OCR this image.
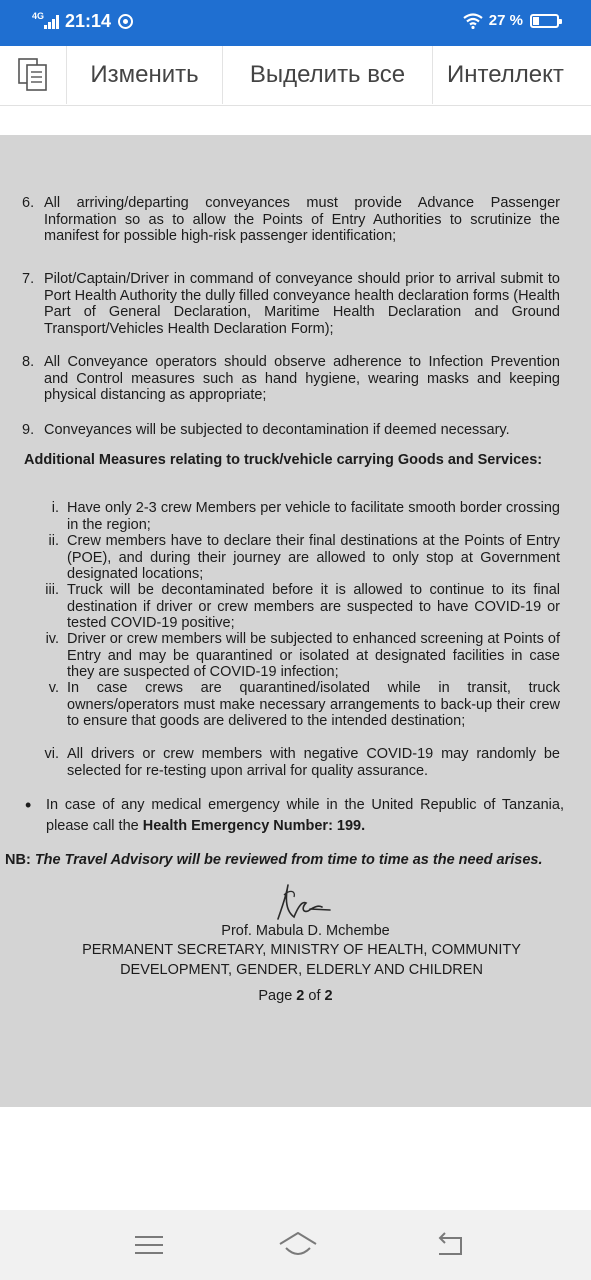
4G 21:14	27 %
Изменить	Выделить все	Интеллект
6. All arriving/departing conveyances must provide Advance Passenger Information so as to allow the Points of Entry Authorities to scrutinize the manifest for possible high-risk passenger identification;
7. Pilot/Captain/Driver in command of conveyance should prior to arrival submit to Port Health Authority the dully filled conveyance health declaration forms (Health Part of General Declaration, Maritime Health Declaration and Ground Transport/Vehicles Health Declaration Form);
8. All Conveyance operators should observe adherence to Infection Prevention and Control measures such as hand hygiene, wearing masks and keeping physical distancing as appropriate;
9. Conveyances will be subjected to decontamination if deemed necessary.
Additional Measures relating to truck/vehicle carrying Goods and Services:
i. Have only 2-3 crew Members per vehicle to facilitate smooth border crossing in the region;
ii. Crew members have to declare their final destinations at the Points of Entry (POE), and during their journey are allowed to only stop at Government designated locations;
iii. Truck will be decontaminated before it is allowed to continue to its final destination if driver or crew members are suspected to have COVID-19 or tested COVID-19 positive;
iv. Driver or crew members will be subjected to enhanced screening at Points of Entry and may be quarantined or isolated at designated facilities in case they are suspected of COVID-19 infection;
v. In case crews are quarantined/isolated while in transit, truck owners/operators must make necessary arrangements to back-up their crew to ensure that goods are delivered to the intended destination;
vi. All drivers or crew members with negative COVID-19 may randomly be selected for re-testing upon arrival for quality assurance.
•	In case of any medical emergency while in the United Republic of Tanzania, please call the Health Emergency Number: 199.
NB: The Travel Advisory will be reviewed from time to time as the need arises.
Prof. Mabula D. Mchembe
PERMANENT SECRETARY, MINISTRY OF HEALTH, COMMUNITY
DEVELOPMENT, GENDER, ELDERLY AND CHILDREN
Page 2 of 2
